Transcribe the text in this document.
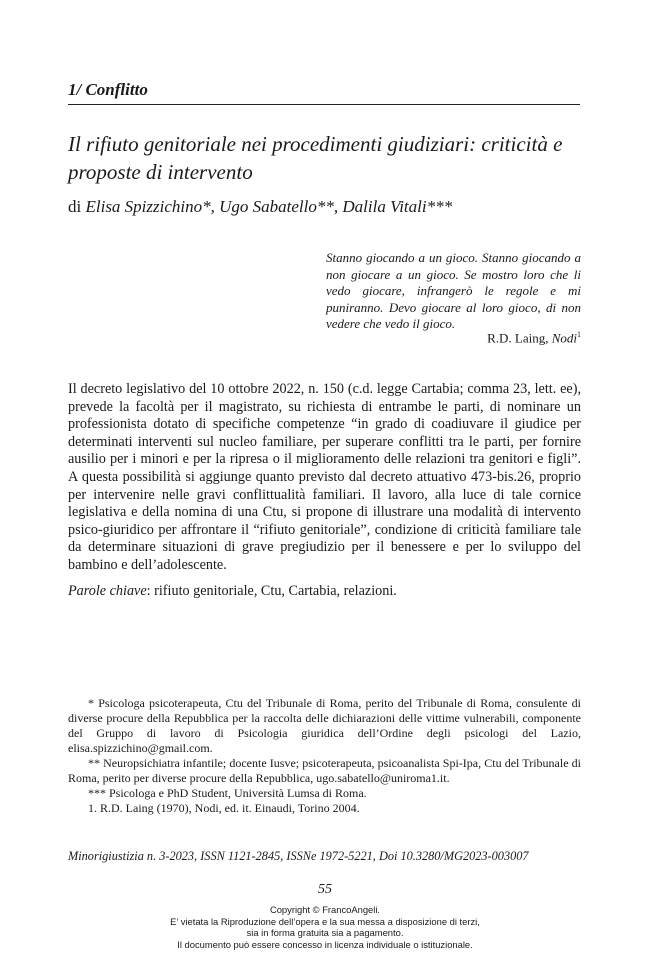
1/ Conflitto
Il rifiuto genitoriale nei procedimenti giudiziari: criticità e proposte di intervento
di Elisa Spizzichino*, Ugo Sabatello**, Dalila Vitali***
Stanno giocando a un gioco. Stanno giocando a non giocare a un gioco. Se mostro loro che li vedo giocare, infrangerò le regole e mi puniranno. Devo giocare al loro gioco, di non vedere che vedo il gioco.
R.D. Laing, Nodi$^1$
Il decreto legislativo del 10 ottobre 2022, n. 150 (c.d. legge Cartabia; comma 23, lett. ee), prevede la facoltà per il magistrato, su richiesta di entrambe le parti, di nominare un professionista dotato di specifiche competenze “in grado di coadiuvare il giudice per determinati interventi sul nucleo familiare, per superare conflitti tra le parti, per fornire ausilio per i minori e per la ripresa o il miglioramento delle relazioni tra genitori e figli”. A questa possibilità si aggiunge quanto previsto dal decreto attuativo 473-bis.26, proprio per intervenire nelle gravi conflittualità familiari. Il lavoro, alla luce di tale cornice legislativa e della nomina di una Ctu, si propone di illustrare una modalità di intervento psico-giuridico per affrontare il “rifiuto genitoriale”, condizione di criticità familiare tale da determinare situazioni di grave pregiudizio per il benessere e per lo sviluppo del bambino e dell’adolescente.
Parole chiave: rifiuto genitoriale, Ctu, Cartabia, relazioni.

* Psicologa psicoterapeuta, Ctu del Tribunale di Roma, perito del Tribunale di Roma, consulente di diverse procure della Repubblica per la raccolta delle dichiarazioni delle vittime vulnerabili, componente del Gruppo di lavoro di Psicologia giuridica dell’Ordine degli psicologi del Lazio, elisa.spizzichino@gmail.com.

** Neuropsichiatra infantile; docente Iusve; psicoterapeuta, psicoanalista Spi-Ipa, Ctu del Tribunale di Roma, perito per diverse procure della Repubblica, ugo.sabatello@uniroma1.it.

*** Psicologa e PhD Student, Università Lumsa di Roma.

1. R.D. Laing (1970), Nodi, ed. it. Einaudi, Torino 2004.

Minorigiustizia n. 3-2023, ISSN 1121-2845, ISSNe 1972-5221, Doi 10.3280/MG2023-003007
55
Copyright © FrancoAngeli.
E’ vietata la Riproduzione dell’opera e la sua messa a disposizione di terzi,
sia in forma gratuita sia a pagamento.
Il documento può essere concesso in licenza individuale o istituzionale.
